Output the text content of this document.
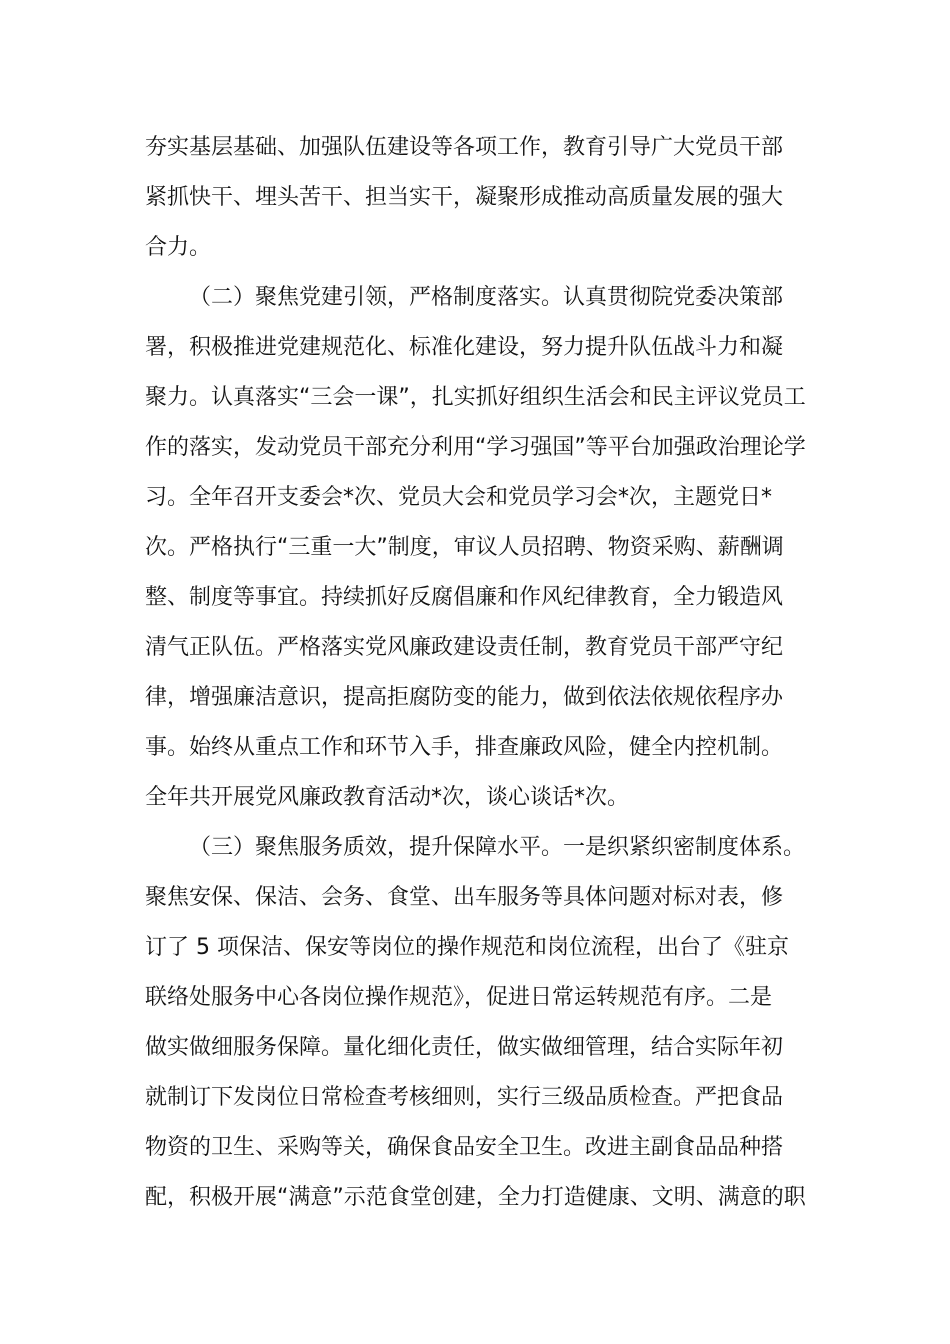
夯实基层基础、加强队伍建设等各项工作，教育引导广大党员干部
紧抓快干、埋头苦干、担当实干，凝聚形成推动高质量发展的强大
合力。
（二）聚焦党建引领，严格制度落实。认真贯彻院党委决策部
署，积极推进党建规范化、标准化建设，努力提升队伍战斗力和凝
聚力。认真落实“三会一课”，扎实抓好组织生活会和民主评议党员工
作的落实，发动党员干部充分利用“学习强国”等平台加强政治理论学
习。全年召开支委会*次、党员大会和党员学习会*次，主题党日*
次。严格执行“三重一大”制度，审议人员招聘、物资采购、薪酬调
整、制度等事宜。持续抓好反腐倡廉和作风纪律教育，全力锻造风
清气正队伍。严格落实党风廉政建设责任制，教育党员干部严守纪
律，增强廉洁意识，提高拒腐防变的能力，做到依法依规依程序办
事。始终从重点工作和环节入手，排查廉政风险，健全内控机制。
全年共开展党风廉政教育活动*次，谈心谈话*次。
（三）聚焦服务质效，提升保障水平。一是织紧织密制度体系。
聚焦安保、保洁、会务、食堂、出车服务等具体问题对标对表，修
订了 5 项保洁、保安等岗位的操作规范和岗位流程，出台了《驻京
联络处服务中心各岗位操作规范》，促进日常运转规范有序。二是
做实做细服务保障。量化细化责任，做实做细管理，结合实际年初
就制订下发岗位日常检查考核细则，实行三级品质检查。严把食品
物资的卫生、采购等关，确保食品安全卫生。改进主副食品品种搭
配，积极开展“满意”示范食堂创建，全力打造健康、文明、满意的职
